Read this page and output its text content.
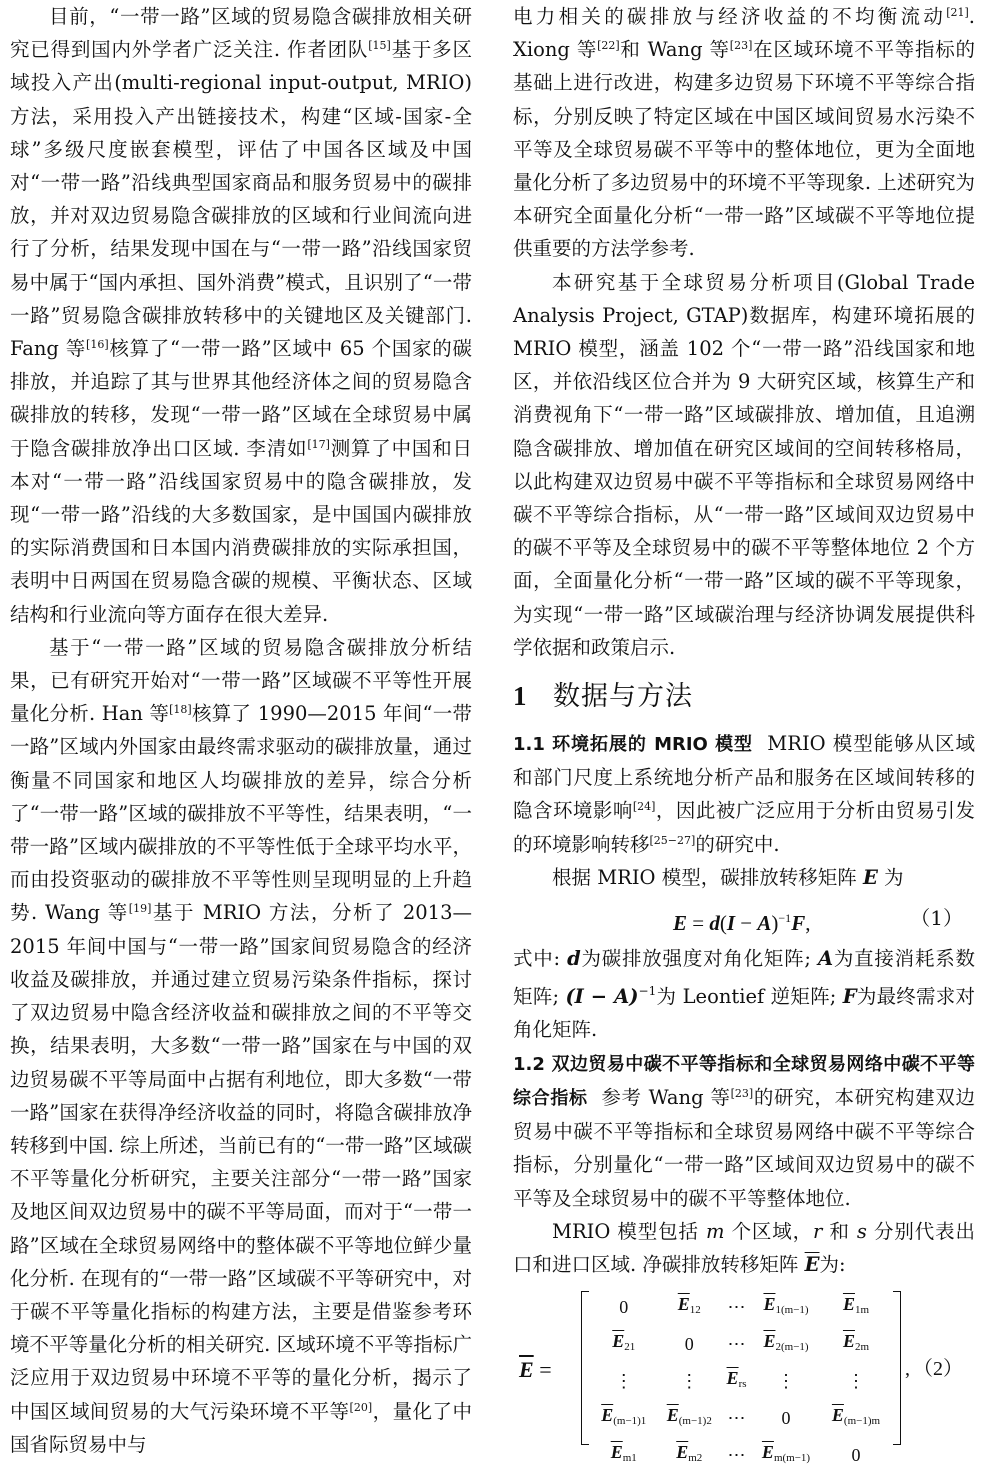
目前，“一带一路”区域的贸易隐含碳排放相关研究已得到国内外学者广泛关注. 作者团队[15]基于多区域投入产出(multi-regional input-output, MRIO)方法，采用投入产出链接技术，构建“区域-国家-全球”多级尺度嵌套模型，评估了中国各区域及中国对“一带一路”沿线典型国家商品和服务贸易中的碳排放，并对双边贸易隐含碳排放的区域和行业间流向进行了分析，结果发现中国在与“一带一路”沿线国家贸易中属于“国内承担、国外消费”模式，且识别了“一带一路”贸易隐含碳排放转移中的关键地区及关键部门. Fang 等[16]核算了“一带一路”区域中 65 个国家的碳排放，并追踪了其与世界其他经济体之间的贸易隐含碳排放的转移，发现“一带一路”区域在全球贸易中属于隐含碳排放净出口区域. 李清如[17]测算了中国和日本对“一带一路”沿线国家贸易中的隐含碳排放，发现“一带一路”沿线的大多数国家，是中国国内碳排放的实际消费国和日本国内消费碳排放的实际承担国，表明中日两国在贸易隐含碳的规模、平衡状态、区域结构和行业流向等方面存在很大差异.

基于“一带一路”区域的贸易隐含碳排放分析结果，已有研究开始对“一带一路”区域碳不平等性开展量化分析. Han 等[18]核算了 1990—2015 年间“一带一路”区域内外国家由最终需求驱动的碳排放量，通过衡量不同国家和地区人均碳排放的差异，综合分析了“一带一路”区域的碳排放不平等性，结果表明，“一带一路”区域内碳排放的不平等性低于全球平均水平，而由投资驱动的碳排放不平等性则呈现明显的上升趋势. Wang 等[19]基于 MRIO 方法，分析了 2013—2015 年间中国与“一带一路”国家间贸易隐含的经济收益及碳排放，并通过建立贸易污染条件指标，探讨了双边贸易中隐含经济收益和碳排放之间的不平等交换，结果表明，大多数“一带一路”国家在与中国的双边贸易碳不平等局面中占据有利地位，即大多数“一带一路”国家在获得净经济收益的同时，将隐含碳排放净转移到中国. 综上所述，当前已有的“一带一路”区域碳不平等量化分析研究，主要关注部分“一带一路”国家及地区间双边贸易中的碳不平等局面，而对于“一带一路”区域在全球贸易网络中的整体碳不平等地位鲜少量化分析. 在现有的“一带一路”区域碳不平等研究中，对于碳不平等量化指标的构建方法，主要是借鉴参考环境不平等量化分析的相关研究. 区域环境不平等指标广泛应用于双边贸易中环境不平等的量化分析，揭示了中国区域间贸易的大气污染环境不平等[20]，量化了中国省际贸易中与

电力相关的碳排放与经济收益的不均衡流动[21]. Xiong 等[22]和 Wang 等[23]在区域环境不平等指标的基础上进行改进，构建多边贸易下环境不平等综合指标，分别反映了特定区域在中国区域间贸易水污染不平等及全球贸易碳不平等中的整体地位，更为全面地量化分析了多边贸易中的环境不平等现象. 上述研究为本研究全面量化分析“一带一路”区域碳不平等地位提供重要的方法学参考.

本研究基于全球贸易分析项目(Global Trade Analysis Project, GTAP)数据库，构建环境拓展的 MRIO 模型，涵盖 102 个“一带一路”沿线国家和地区，并依沿线区位合并为 9 大研究区域，核算生产和消费视角下“一带一路”区域碳排放、增加值，且追溯隐含碳排放、增加值在研究区域间的空间转移格局，以此构建双边贸易中碳不平等指标和全球贸易网络中碳不平等综合指标，从“一带一路”区域间双边贸易中的碳不平等及全球贸易中的碳不平等整体地位 2 个方面，全面量化分析“一带一路”区域的碳不平等现象，为实现“一带一路”区域碳治理与经济协调发展提供科学依据和政策启示.

1 数据与方法

1.1 环境拓展的 MRIO 模型 MRIO 模型能够从区域和部门尺度上系统地分析产品和服务在区域间转移的隐含环境影响[24]，因此被广泛应用于分析由贸易引发的环境影响转移[25−27]的研究中.

根据 MRIO 模型，碳排放转移矩阵 E 为

$E = d(I - A)^{-1}F$,	（1）

式中: d为碳排放强度对角化矩阵; A为直接消耗系数矩阵; $(I - A)^{-1}$为 Leontief 逆矩阵; F为最终需求对角化矩阵.

1.2 双边贸易中碳不平等指标和全球贸易网络中碳不平等综合指标 参考 Wang 等[23]的研究，本研究构建双边贸易中碳不平等指标和全球贸易网络中碳不平等综合指标，分别量化“一带一路”区域间双边贸易中的碳不平等及全球贸易中的碳不平等整体地位.

MRIO 模型包括 m 个区域，r 和 s 分别代表出口和进口区域. 净碳排放转移矩阵 $\overline{E}$为:

$\overline{E}$ =
0	$\overline{E}12$	⋯	$\overline{E}1(m-1)$	$\overline{E}1m$
$\overline{E}21$	0	⋯	$\overline{E}2(m-1)$	$\overline{E}2m$
⋮	⋮	$\overline{E}rs$	⋮	⋮
$\overline{E}(m-1)1$	$\overline{E}(m-1)2$	⋯	0	$\overline{E}(m-1)m$
$\overline{E}m1$	$\overline{E}m2$	⋯	$\overline{E}m(m-1)$	0
, （2）
